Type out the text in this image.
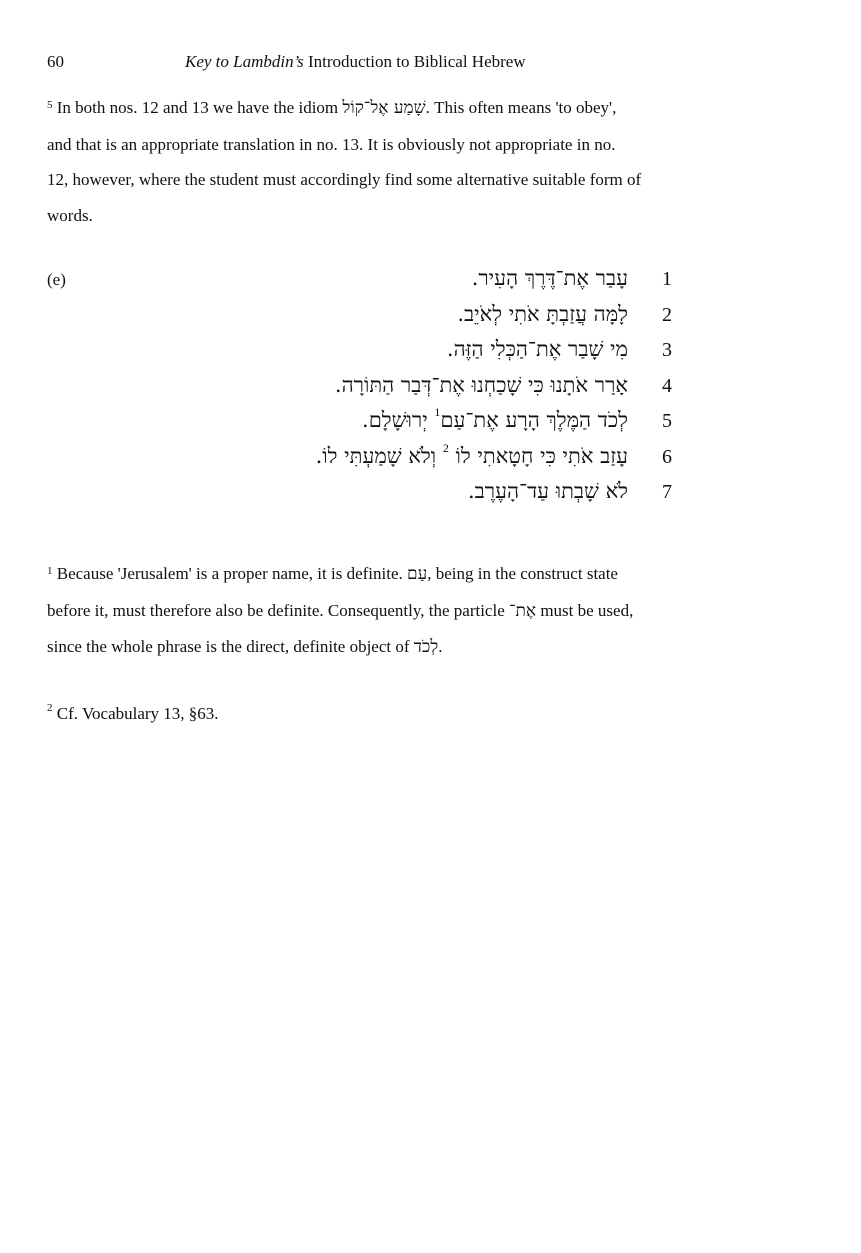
60	Key to Lambdin’s Introduction to Biblical Hebrew
$^5$ In both nos. 12 and 13 we have the idiom שָׁמַע אֶל־קוֹל. This often means 'to obey',
and that is an appropriate translation in no. 13. It is obviously not appropriate in no.
12, however, where the student must accordingly find some alternative suitable form of
words.
(e)	1
עָבַר אֶת־דֶּרֶךְ הָעִיר.
2
לָמָּה עֲזַבְתָּ אֹתִי לְאֹיֵב.
3
מִי שָׁבַר אֶת־הַכְּלִי הַזֶּה.
4
אָרַר אֹתָנוּ כִּי שָׁכַחְנוּ אֶת־דְּבַר הַתּוֹרָה.
5
לְכֹד הַמֶּלֶךְ הָרָע אֶת־עַם$^1$ יְרוּשָׁלָם.
6
עָזַב אֹתִי כִּי חָטָאתִי לוֹ $^2$ וְלֹא שָׁמַעְתִּי לוֹ.
7
לֹא שָׁבְתוּ עַד־הָעֶרֶב.
$^1$ Because 'Jerusalem' is a proper name, it is definite. עַם, being in the construct state
before it, must therefore also be definite. Consequently, the particle אֶת־ must be used,
since the whole phrase is the direct, definite object of לְכֹד.
$^2$ Cf. Vocabulary 13, §63.
